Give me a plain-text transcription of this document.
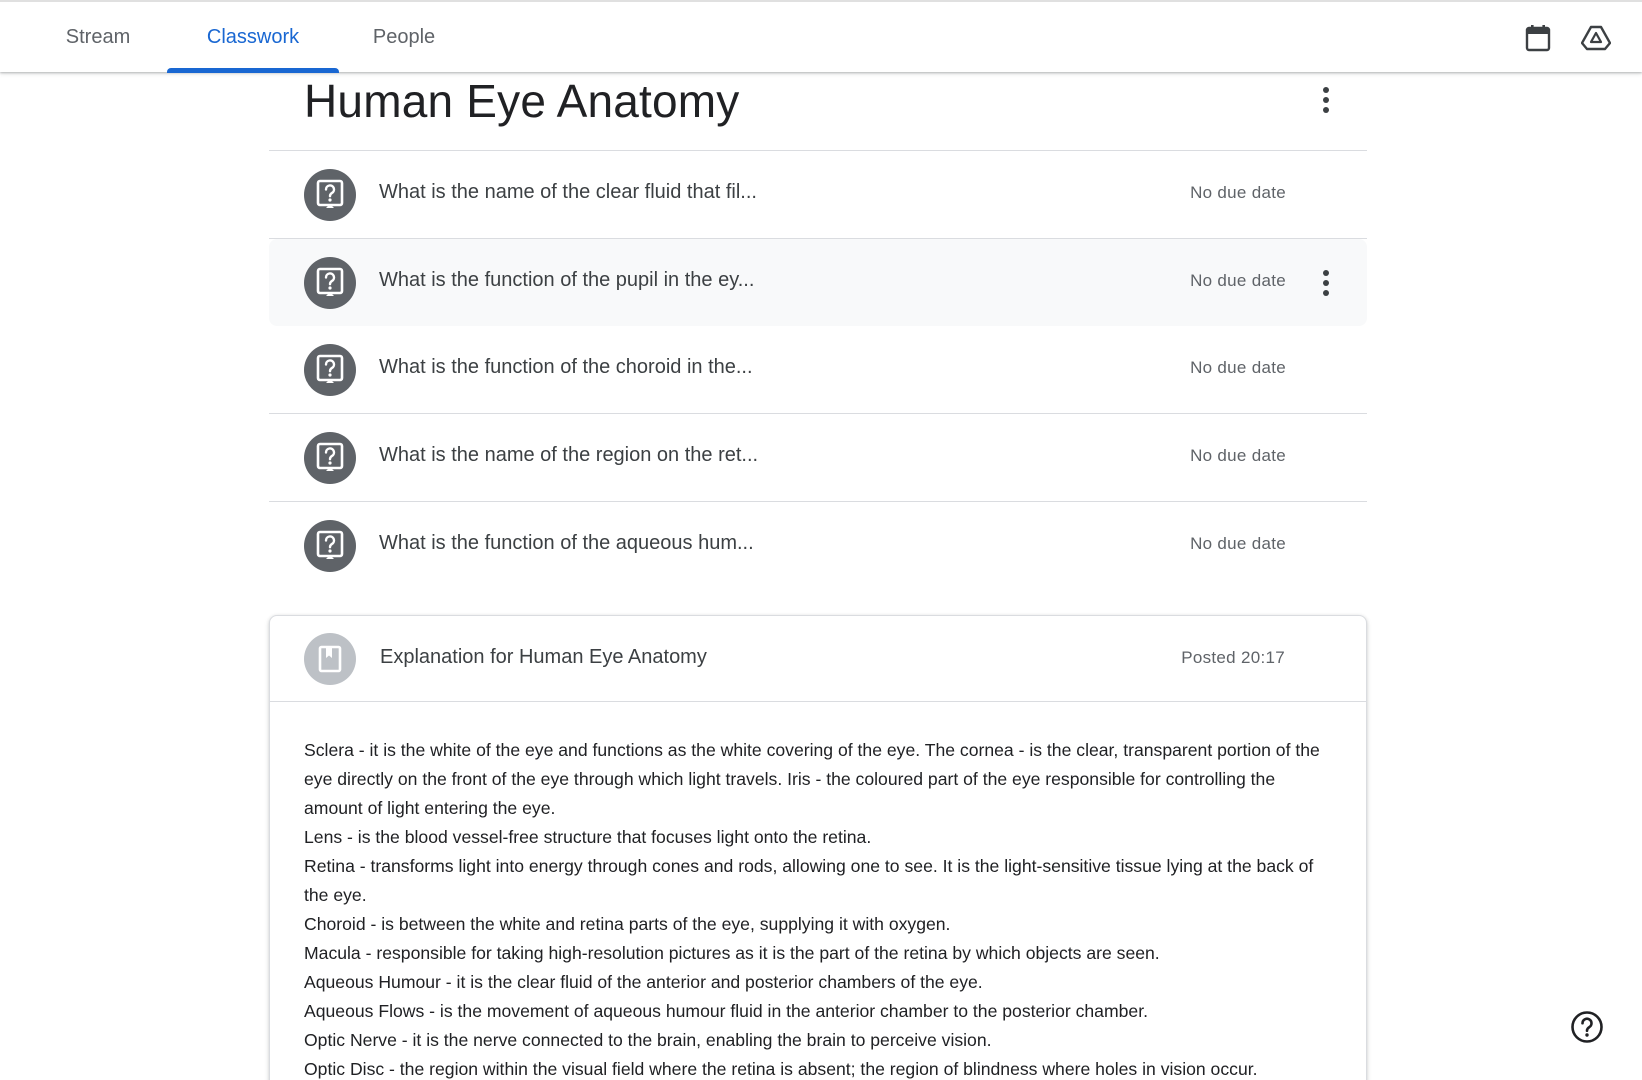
Stream	Classwork	People
Human Eye Anatomy
What is the name of the clear fluid that fil...	No due date
What is the function of the pupil in the ey...	No due date
What is the function of the choroid in the...	No due date
What is the name of the region on the ret...	No due date
What is the function of the aqueous hum...	No due date
Explanation for Human Eye Anatomy	Posted 20:17

Sclera - it is the white of the eye and functions as the white covering of the eye. The cornea - is the clear, transparent portion of the eye directly on the front of the eye through which light travels. Iris - the coloured part of the eye responsible for controlling the amount of light entering the eye.

Lens - is the blood vessel-free structure that focuses light onto the retina.

Retina - transforms light into energy through cones and rods, allowing one to see. It is the light-sensitive tissue lying at the back of the eye.

Choroid - is between the white and retina parts of the eye, supplying it with oxygen.

Macula - responsible for taking high-resolution pictures as it is the part of the retina by which objects are seen.

Aqueous Humour - it is the clear fluid of the anterior and posterior chambers of the eye.

Aqueous Flows - is the movement of aqueous humour fluid in the anterior chamber to the posterior chamber.

Optic Nerve - it is the nerve connected to the brain, enabling the brain to perceive vision.

Optic Disc - the region within the visual field where the retina is absent; the region of blindness where holes in vision occur.
